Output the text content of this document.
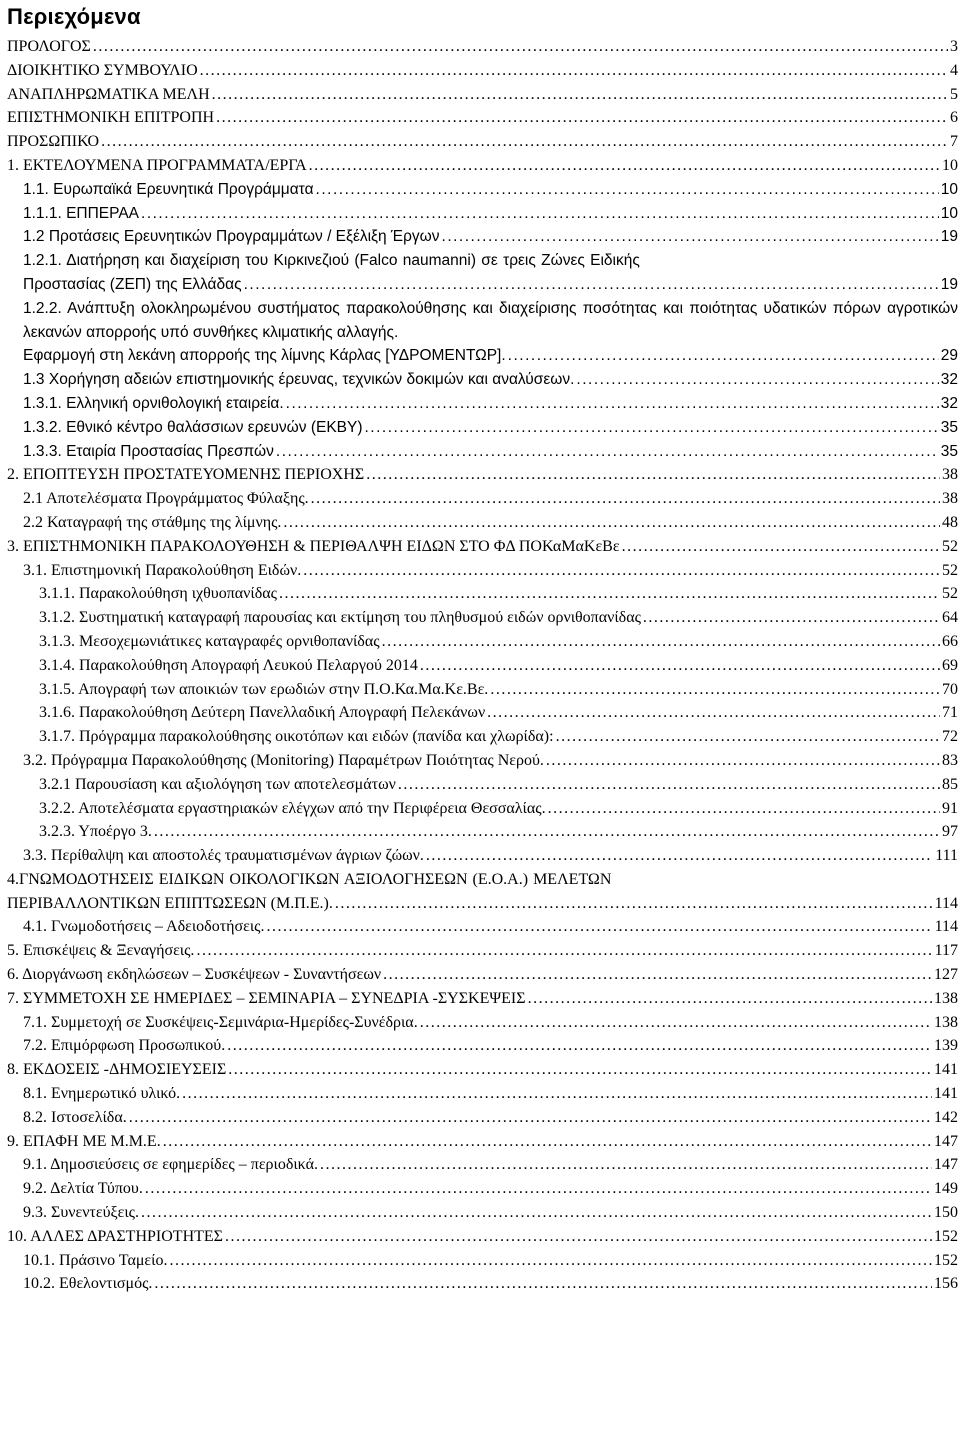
Περιεχόμενα
ΠΡΟΛΟΓΟΣ .....	3
ΔΙΟΙΚΗΤΙΚΟ ΣΥΜΒΟΥΛΙΟ .....	4
ΑΝΑΠΛΗΡΩΜΑΤΙΚΑ ΜΕΛΗ .....	5
ΕΠΙΣΤΗΜΟΝΙΚΗ ΕΠΙΤΡΟΠΗ .....	6
ΠΡΟΣΩΠΙΚΟ .....	7
1. ΕΚΤΕΛΟΥΜΕΝΑ ΠΡΟΓΡΑΜΜΑΤΑ/ΕΡΓΑ .....	10
1.1. Ευρωπαϊκά Ερευνητικά Προγράμματα .....	10
1.1.1. ΕΠΠΕΡΑΑ .....	10
1.2 Προτάσεις Ερευνητικών Προγραμμάτων / Εξέλιξη Έργων .....	19
1.2.1. Διατήρηση και διαχείριση του Κιρκινεζιού (Falco naumanni) σε τρεις Ζώνες Ειδικής
Προστασίας (ΖΕΠ) της Ελλάδας .....	19
1.2.2. Ανάπτυξη ολοκληρωμένου συστήματος παρακολούθησης και διαχείρισης ποσότητας και ποιότητας υδατικών πόρων αγροτικών λεκανών απορροής υπό συνθήκες κλιματικής αλλαγής.
Εφαρμογή στη λεκάνη απορροής της λίμνης Κάρλας [ΥΔΡΟΜΕΝΤΩΡ]. .....	29
1.3 Χορήγηση αδειών επιστημονικής έρευνας, τεχνικών δοκιμών και αναλύσεων. .....	32
1.3.1. Ελληνική ορνιθολογική εταιρεία. .....	32
1.3.2. Εθνικό κέντρο θαλάσσιων ερευνών (ΕΚΒΥ) .....	35
1.3.3. Εταιρία Προστασίας Πρεσπών .....	35
2. ΕΠΟΠΤΕΥΣΗ ΠΡΟΣΤΑΤΕΥΟΜΕΝΗΣ ΠΕΡΙΟΧΗΣ .....	38
2.1 Αποτελέσματα Προγράμματος Φύλαξης. .....	38
2.2 Καταγραφή της στάθμης της λίμνης. .....	48
3. ΕΠΙΣΤΗΜΟΝΙΚΗ ΠΑΡΑΚΟΛΟΥΘΗΣΗ & ΠΕΡΙΘΑΛΨΗ ΕΙΔΩΝ ΣΤΟ ΦΔ ΠΟΚαΜαΚεΒε .....	52
3.1. Επιστημονική Παρακολούθηση Ειδών. .....	52
3.1.1. Παρακολούθηση ιχθυοπανίδας .....	52
3.1.2. Συστηματική καταγραφή παρουσίας και εκτίμηση του πληθυσμού ειδών ορνιθοπανίδας .....	64
3.1.3. Μεσοχεμωνιάτικες καταγραφές ορνιθοπανίδας .....	66
3.1.4. Παρακολούθηση Απογραφή Λευκού Πελαργού 2014 .....	69
3.1.5. Απογραφή των αποικιών των ερωδιών στην Π.Ο.Κα.Μα.Κε.Βε. .....	70
3.1.6. Παρακολούθηση Δεύτερη Πανελλαδική Απογραφή Πελεκάνων .....	71
3.1.7. Πρόγραμμα παρακολούθησης οικοτόπων και ειδών (πανίδα και χλωρίδα): .....	72
3.2. Πρόγραμμα Παρακολούθησης (Monitoring) Παραμέτρων Ποιότητας Νερού. .....	83
3.2.1 Παρουσίαση και αξιολόγηση των αποτελεσμάτων .....	85
3.2.2. Αποτελέσματα εργαστηριακών ελέγχων από την Περιφέρεια Θεσσαλίας. .....	91
3.2.3. Υποέργο 3. .....	97
3.3. Περίθαλψη και αποστολές τραυματισμένων άγριων ζώων. .....	111
4.ΓΝΩΜΟΔΟΤΗΣΕΙΣ ΕΙΔΙΚΩΝ ΟΙΚΟΛΟΓΙΚΩΝ ΑΞΙΟΛΟΓΗΣΕΩΝ (Ε.Ο.Α.) ΜΕΛΕΤΩΝ
ΠΕΡΙΒΑΛΛΟΝΤΙΚΩΝ ΕΠΙΠΤΩΣΕΩΝ (Μ.Π.Ε.). .....	114
4.1. Γνωμοδοτήσεις – Αδειοδοτήσεις. .....	114
5. Επισκέψεις & Ξεναγήσεις. .....	117
6. Διοργάνωση εκδηλώσεων – Συσκέψεων - Συναντήσεων .....	127
7. ΣΥΜΜΕΤΟΧΗ ΣΕ ΗΜΕΡΙΔΕΣ – ΣΕΜΙΝΑΡΙΑ – ΣΥΝΕΔΡΙΑ -ΣΥΣΚΕΨΕΙΣ .....	138
7.1. Συμμετοχή σε Συσκέψεις-Σεμινάρια-Ημερίδες-Συνέδρια. .....	138
7.2. Επιμόρφωση Προσωπικού. .....	139
8. ΕΚΔΟΣΕΙΣ -ΔΗΜΟΣΙΕΥΣΕΙΣ .....	141
8.1. Ενημερωτικό υλικό. .....	141
8.2. Ιστοσελίδα. .....	142
9. ΕΠΑΦΗ ΜΕ Μ.Μ.Ε. .....	147
9.1. Δημοσιεύσεις σε εφημερίδες – περιοδικά. .....	147
9.2. Δελτία Τύπου. .....	149
9.3. Συνεντεύξεις. .....	150
10. ΑΛΛΕΣ ΔΡΑΣΤΗΡΙΟΤΗΤΕΣ .....	152
10.1. Πράσινο Ταμείο. .....	152
10.2. Εθελοντισμός. .....	156
